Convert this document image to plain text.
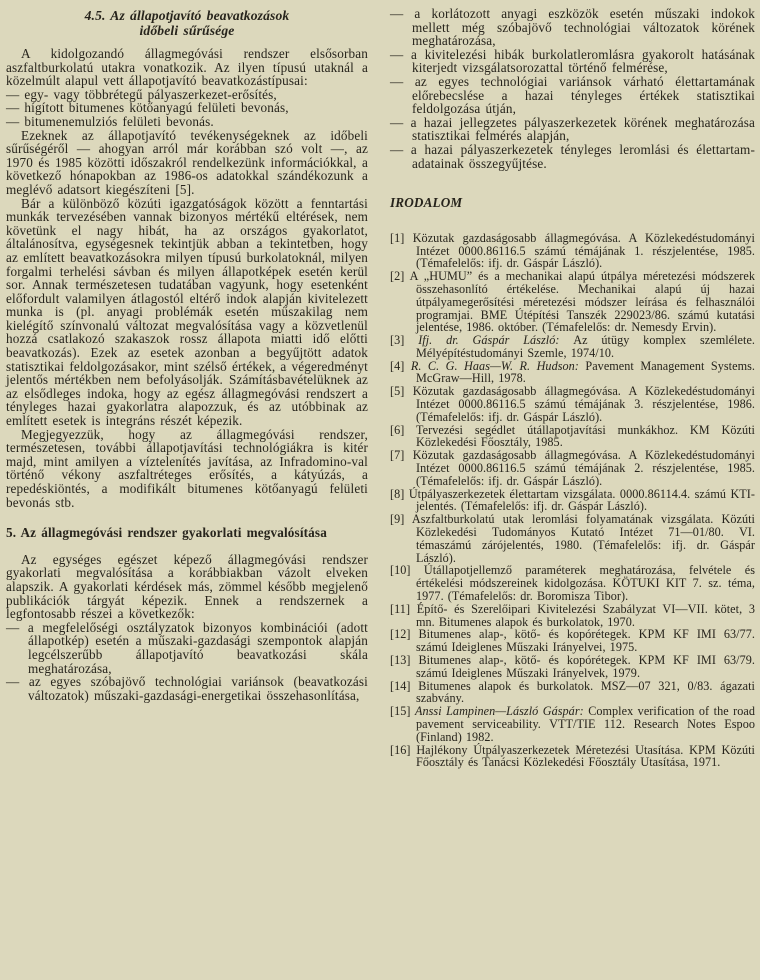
4.5. Az állapotjavító beavatkozások
időbeli sűrűsége

A kidolgozandó állagmegóvási rendszer elsősorban aszfaltburkolatú utakra vonatkozik. Az ilyen típusú utaknál a közelmúlt alapul vett állapotjavító beavatkozástípusai:

— egy- vagy többrétegű pályaszerkezet-erősítés,

— hígított bitumenes kötőanyagú felületi bevonás,

— bitumenemulziós felületi bevonás.

Ezeknek az állapotjavító tevékenységeknek az időbeli sűrűségéről — ahogyan arról már korábban szó volt —, az 1970 és 1985 közötti időszakról rendelkezünk információkkal, a következő hónapokban az 1986-os adatokkal szándékozunk a meglévő adatsort kiegészíteni [5].

Bár a különböző közúti igazgatóságok között a fenntartási munkák tervezésében vannak bizonyos mértékű eltérések, nem követünk el nagy hibát, ha az országos gyakorlatot, általánosítva, egységesnek tekintjük abban a tekintetben, hogy az említett beavatkozásokra milyen típusú burkolatoknál, milyen forgalmi terhelési sávban és milyen állapotképek esetén kerül sor. Annak természetesen tudatában vagyunk, hogy esetenként előfordult valamilyen átlagostól eltérő indok alapján kivitelezett munka is (pl. anyagi problémák esetén műszakilag nem kielégítő színvonalú változat megvalósítása vagy a közvetlenül hozzá csatlakozó szakaszok rossz állapota miatti idő előtti beavatkozás). Ezek az esetek azonban a begyűjtött adatok statisztikai feldolgozásakor, mint szélső értékek, a végeredményt jelentős mértékben nem befolyásolják. Számításbavételüknek az az elsődleges indoka, hogy az egész állagmegóvási rendszert a tényleges hazai gyakorlatra alapozzuk, és az utóbbinak az említett esetek is integráns részét képezik.

Megjegyezzük, hogy az állagmegóvási rendszer, természetesen, további állapotjavítási technológiákra is kitér majd, mint amilyen a víztelenítés javítása, az Infradomino-val történő vékony aszfaltréteges erősítés, a kátyúzás, a repedéskiöntés, a modifikált bitumenes kötőanyagú felületi bevonás stb.

5. Az állagmegóvási rendszer gyakorlati megvalósítása

Az egységes egészet képező állagmegóvási rendszer gyakorlati megvalósítása a korábbiakban vázolt elveken alapszik. A gyakorlati kérdések más, zömmel később megjelenő publikációk tárgyát képezik. Ennek a rendszernek a legfontosabb részei a következők:

— a megfelelőségi osztályzatok bizonyos kombinációi (adott állapotkép) esetén a műszaki-gazdasági szempontok alapján legcélszerűbb állapotjavító beavatkozási skála meghatározása,

— az egyes szóbajövő technológiai variánsok (beavatkozási változatok) műszaki-gazdasági-energetikai összehasonlítása,

— a korlátozott anyagi eszközök esetén műszaki indokok mellett még szóbajövő technológiai változatok körének meghatározása,

— a kivitelezési hibák burkolatleromlásra gyakorolt hatásának kiterjedt vizsgálatsorozattal történő felmérése,

— az egyes technológiai variánsok várható élettartamának előrebecslése a hazai tényleges értékek statisztikai feldolgozása útján,

— a hazai jellegzetes pályaszerkezetek körének meghatározása statisztikai felmérés alapján,

— a hazai pályaszerkezetek tényleges leromlási és élettartam-adatainak összegyűjtése.

IRODALOM

[1] Közutak gazdaságosabb állagmegóvása. A Közlekedéstudományi Intézet 0000.86116.5 számú témájának 1. részjelentése, 1985. (Témafelelős: ifj. dr. Gáspár László).

[2] A „HUMU” és a mechanikai alapú útpálya méretezési módszerek összehasonlító értékelése. Mechanikai alapú új hazai útpályamegerősítési méretezési módszer leírása és felhasználói programjai. BME Útépítési Tanszék 229023/86. számú kutatási jelentése, 1986. október. (Témafelelős: dr. Nemesdy Ervin).

[3] Ifj. dr. Gáspár László: Az útügy komplex szemlélete. Mélyépítéstudományi Szemle, 1974/10.

[4] R. C. G. Haas—W. R. Hudson: Pavement Management Systems. McGraw—Hill, 1978.

[5] Közutak gazdaságosabb állagmegóvása. A Közlekedéstudományi Intézet 0000.86116.5 számú témájának 3. részjelentése, 1986. (Témafelelős: ifj. dr. Gáspár László).

[6] Tervezési segédlet útállapotjavítási munkákhoz. KM Közúti Közlekedési Főosztály, 1985.

[7] Közutak gazdaságosabb állagmegóvása. A Közlekedéstudományi Intézet 0000.86116.5 számú témájának 2. részjelentése, 1985. (Témafelelős: ifj. dr. Gáspár László).

[8] Útpályaszerkezetek élettartam vizsgálata. 0000.86114.4. számú KTI-jelentés. (Témafelelős: ifj. dr. Gáspár László).

[9] Aszfaltburkolatú utak leromlási folyamatának vizsgálata. Közúti Közlekedési Tudományos Kutató Intézet 71—01/80. VI. témaszámú zárójelentés, 1980. (Témafelelős: ifj. dr. Gáspár László).

[10] Útállapotjellemző paraméterek meghatározása, felvétele és értékelési módszereinek kidolgozása. KÖTUKI KIT 7. sz. téma, 1977. (Témafelelős: dr. Boromisza Tibor).

[11] Építő- és Szerelőipari Kivitelezési Szabályzat VI—VII. kötet, 3 mn. Bitumenes alapok és burkolatok, 1970.

[12] Bitumenes alap-, kötő- és kopórétegek. KPM KF IMI 63/77. számú Ideiglenes Műszaki Irányelvei, 1975.

[13] Bitumenes alap-, kötő- és kopórétegek. KPM KF IMI 63/79. számú Ideiglenes Műszaki Irányelvek, 1979.

[14] Bitumenes alapok és burkolatok. MSZ—07 321, 0/83. ágazati szabvány.

[15] Anssi Lampinen—László Gáspár: Complex verification of the road pavement serviceability. VTT/TIE 112. Research Notes Espoo (Finland) 1982.

[16] Hajlékony Útpályaszerkezetek Méretezési Utasítása. KPM Közúti Főosztály és Tanácsi Közlekedési Főosztály Utasítása, 1971.
